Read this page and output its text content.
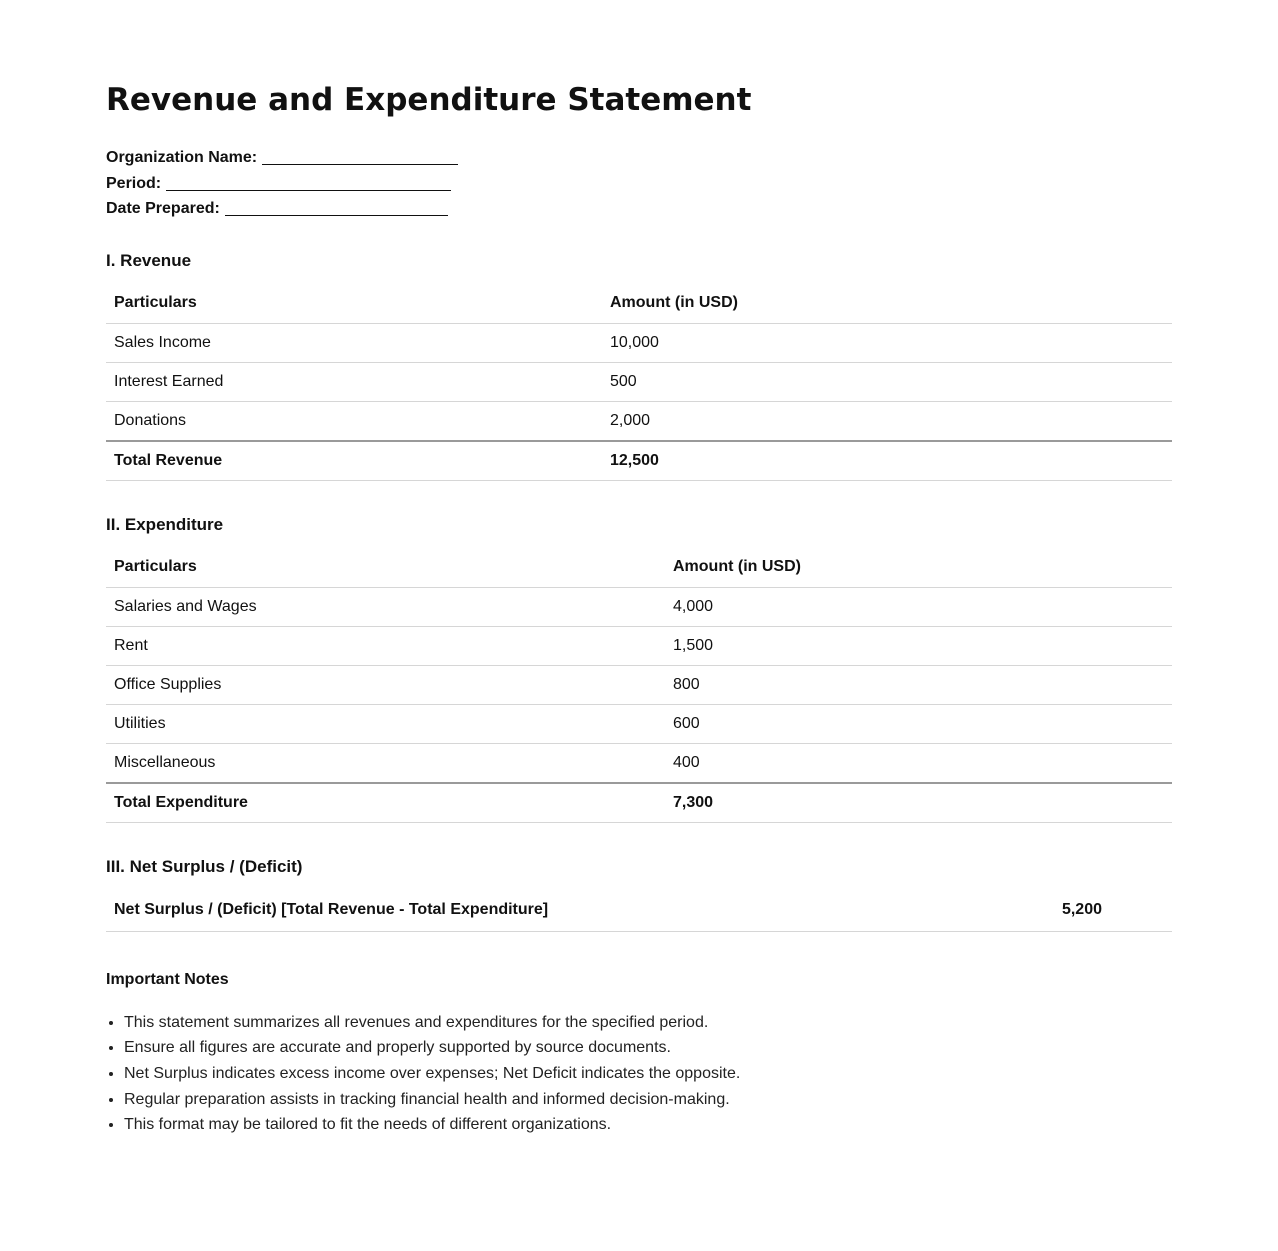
Revenue and Expenditure Statement
Organization Name:
Period:
Date Prepared:
I. Revenue
Particulars	Amount (in USD)
Sales Income	10,000
Interest Earned	500
Donations	2,000
Total Revenue	12,500
II. Expenditure
Particulars	Amount (in USD)
Salaries and Wages	4,000
Rent	1,500
Office Supplies	800
Utilities	600
Miscellaneous	400
Total Expenditure	7,300
III. Net Surplus / (Deficit)
Net Surplus / (Deficit) [Total Revenue - Total Expenditure]	5,200
Important Notes
• This statement summarizes all revenues and expenditures for the specified period.
• Ensure all figures are accurate and properly supported by source documents.
• Net Surplus indicates excess income over expenses; Net Deficit indicates the opposite.
• Regular preparation assists in tracking financial health and informed decision-making.
• This format may be tailored to fit the needs of different organizations.
